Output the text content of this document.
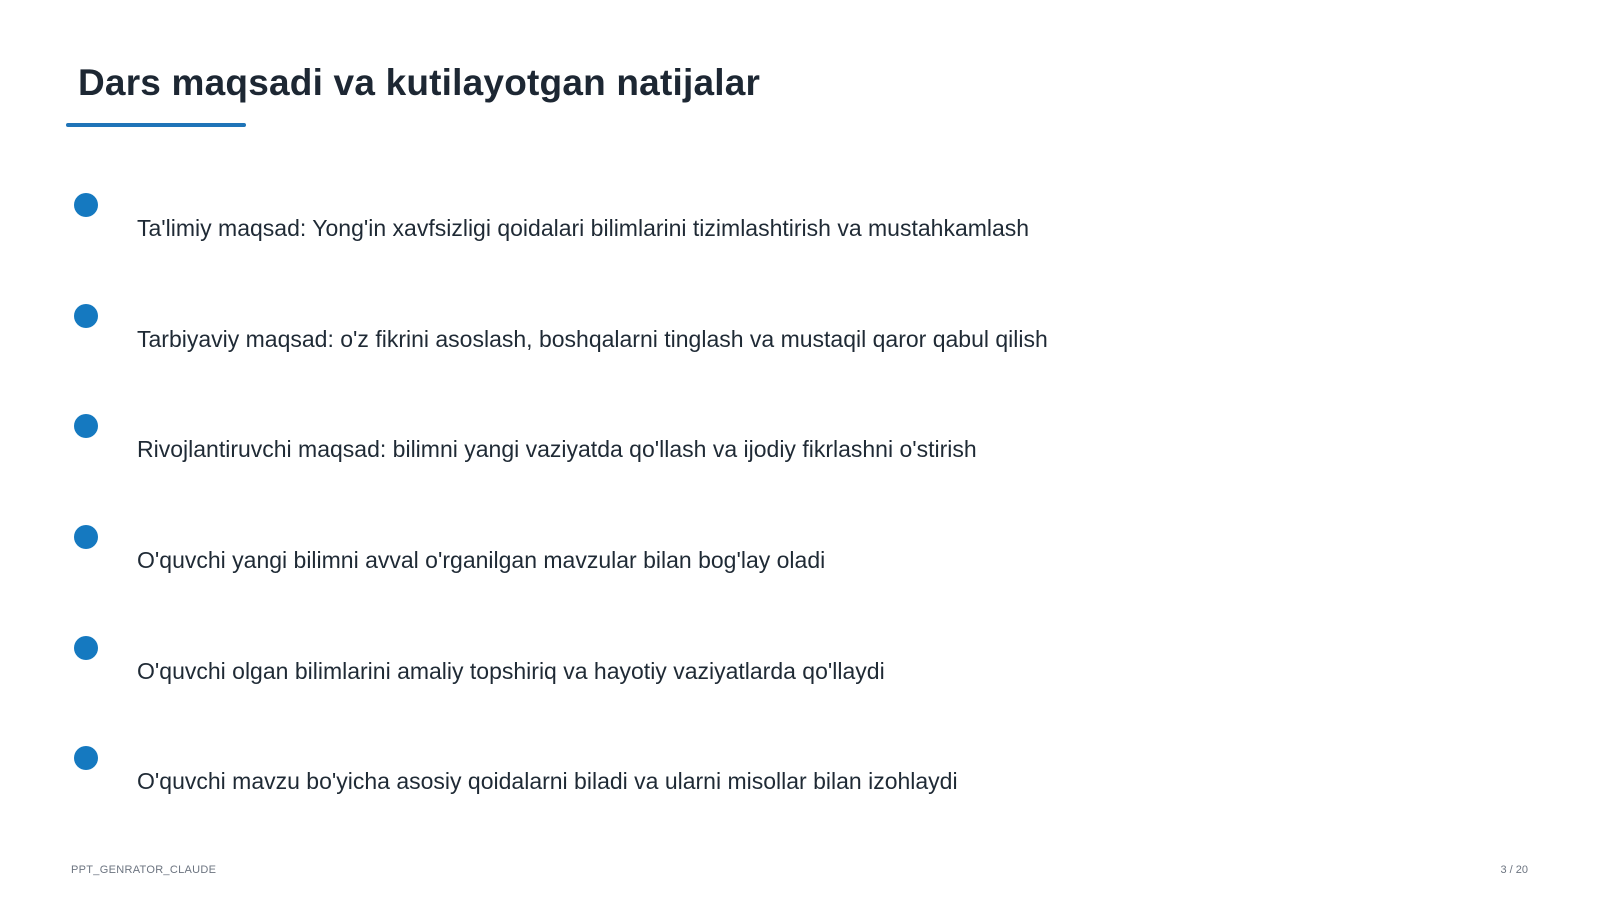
Dars maqsadi va kutilayotgan natijalar
Ta'limiy maqsad: Yong'in xavfsizligi qoidalari bilimlarini tizimlashtirish va mustahkamlash
Tarbiyaviy maqsad: o'z fikrini asoslash, boshqalarni tinglash va mustaqil qaror qabul qilish
Rivojlantiruvchi maqsad: bilimni yangi vaziyatda qo'llash va ijodiy fikrlashni o'stirish
O'quvchi yangi bilimni avval o'rganilgan mavzular bilan bog'lay oladi
O'quvchi olgan bilimlarini amaliy topshiriq va hayotiy vaziyatlarda qo'llaydi
O'quvchi mavzu bo'yicha asosiy qoidalarni biladi va ularni misollar bilan izohlaydi
PPT_GENRATOR_CLAUDE	3 / 20
